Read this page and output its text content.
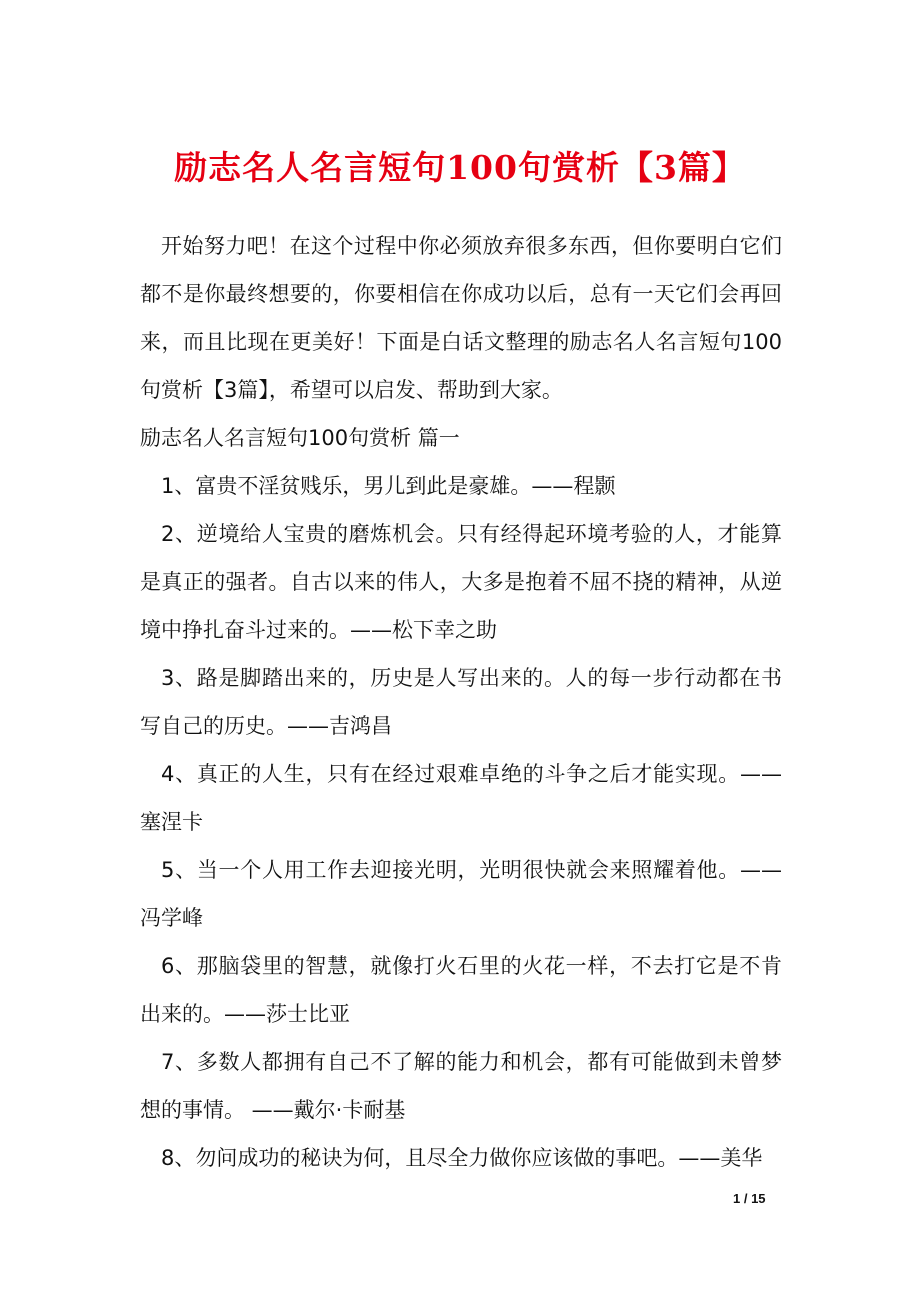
励志名人名言短句100句赏析【3篇】

开始努力吧！在这个过程中你必须放弃很多东西，但你要明白它们都不是你最终想要的，你要相信在你成功以后，总有一天它们会再回来，而且比现在更美好！下面是白话文整理的励志名人名言短句100句赏析【3篇】，希望可以启发、帮助到大家。

励志名人名言短句100句赏析 篇一

1、富贵不淫贫贱乐，男儿到此是豪雄。——程颢

2、逆境给人宝贵的磨炼机会。只有经得起环境考验的人，才能算是真正的强者。自古以来的伟人，大多是抱着不屈不挠的精神，从逆境中挣扎奋斗过来的。——松下幸之助

3、路是脚踏出来的，历史是人写出来的。人的每一步行动都在书写自己的历史。——吉鸿昌

4、真正的人生，只有在经过艰难卓绝的斗争之后才能实现。——塞涅卡

5、当一个人用工作去迎接光明，光明很快就会来照耀着他。——冯学峰

6、那脑袋里的智慧，就像打火石里的火花一样，不去打它是不肯出来的。——莎士比亚

7、多数人都拥有自己不了解的能力和机会，都有可能做到未曾梦想的事情。 ——戴尔·卡耐基

8、勿问成功的秘诀为何，且尽全力做你应该做的事吧。——美华

1 / 15
